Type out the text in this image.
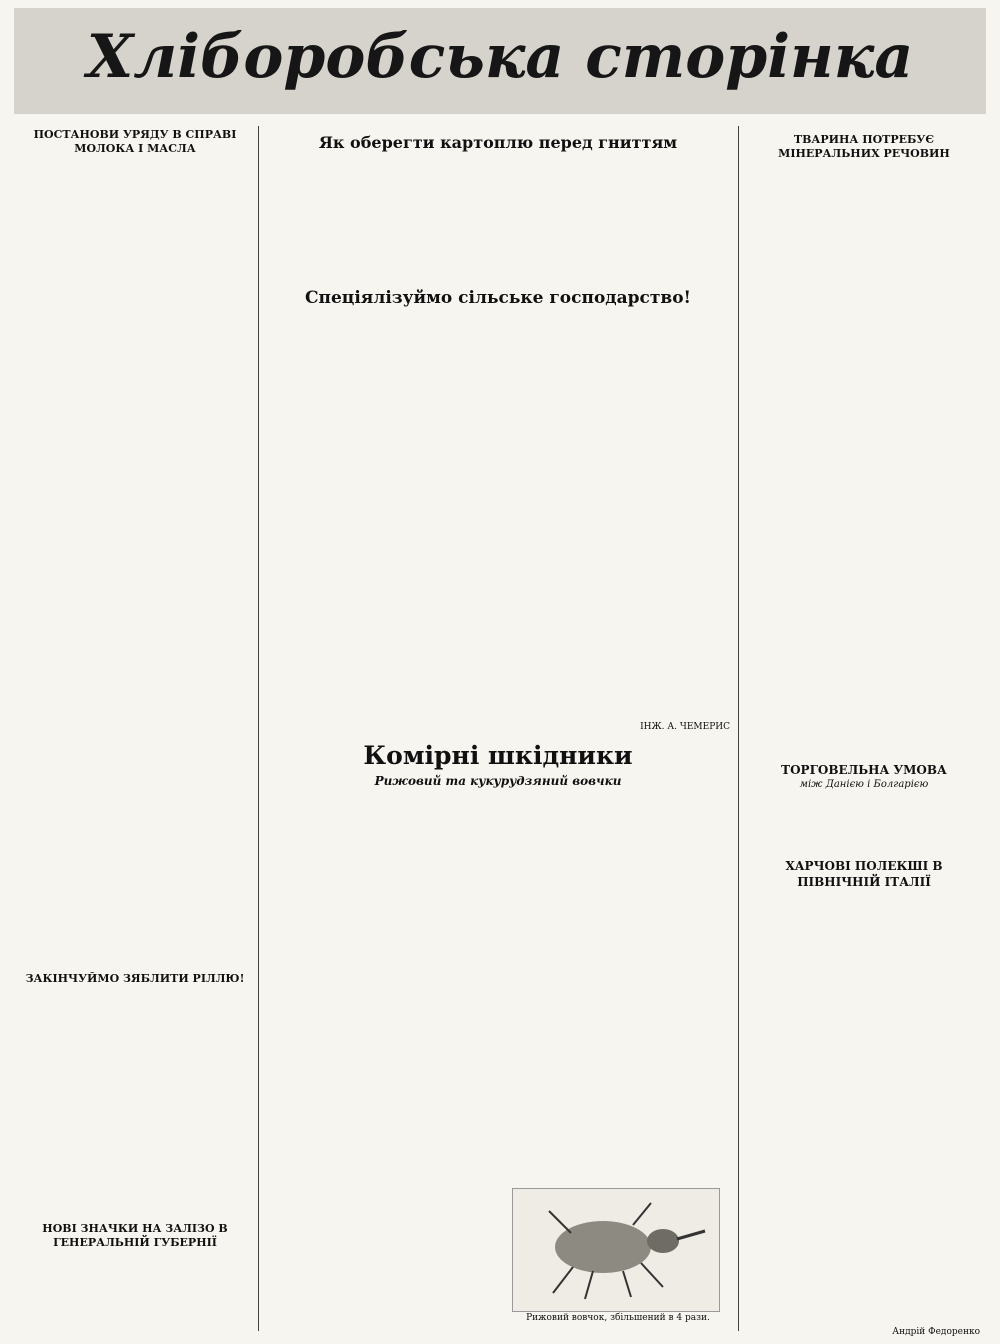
Хліборобська сторінка
ПОСТАНОВИ УРЯДУ В СПРАВІ МОЛОКА І МАСЛА
ЗАКІНЧУЙМО ЗЯБЛИТИ РІЛЛЮ!
НОВІ ЗНАЧКИ НА ЗАЛІЗО В ГЕНЕРАЛЬНІЙ ГУБЕРНІЇ
Як оберегти картоплю перед гниттям
Спеціялізуймо сільське господарство!
ІНЖ. А. ЧЕМЕРИС
Комірні шкідники
Рижовий та кукурудзяний вовчки
Рижовий вовчок, збільшений в 4 рази.
ТВАРИНА ПОТРЕБУЄ МІНЕРАЛЬНИХ РЕЧОВИН
ТОРГОВЕЛЬНА УМОВА
між Данією і Болгарією
ХАРЧОВІ ПОЛЕКШІ В ПІВНІЧНІЙ ІТАЛІЇ
Андрій Федоренко
